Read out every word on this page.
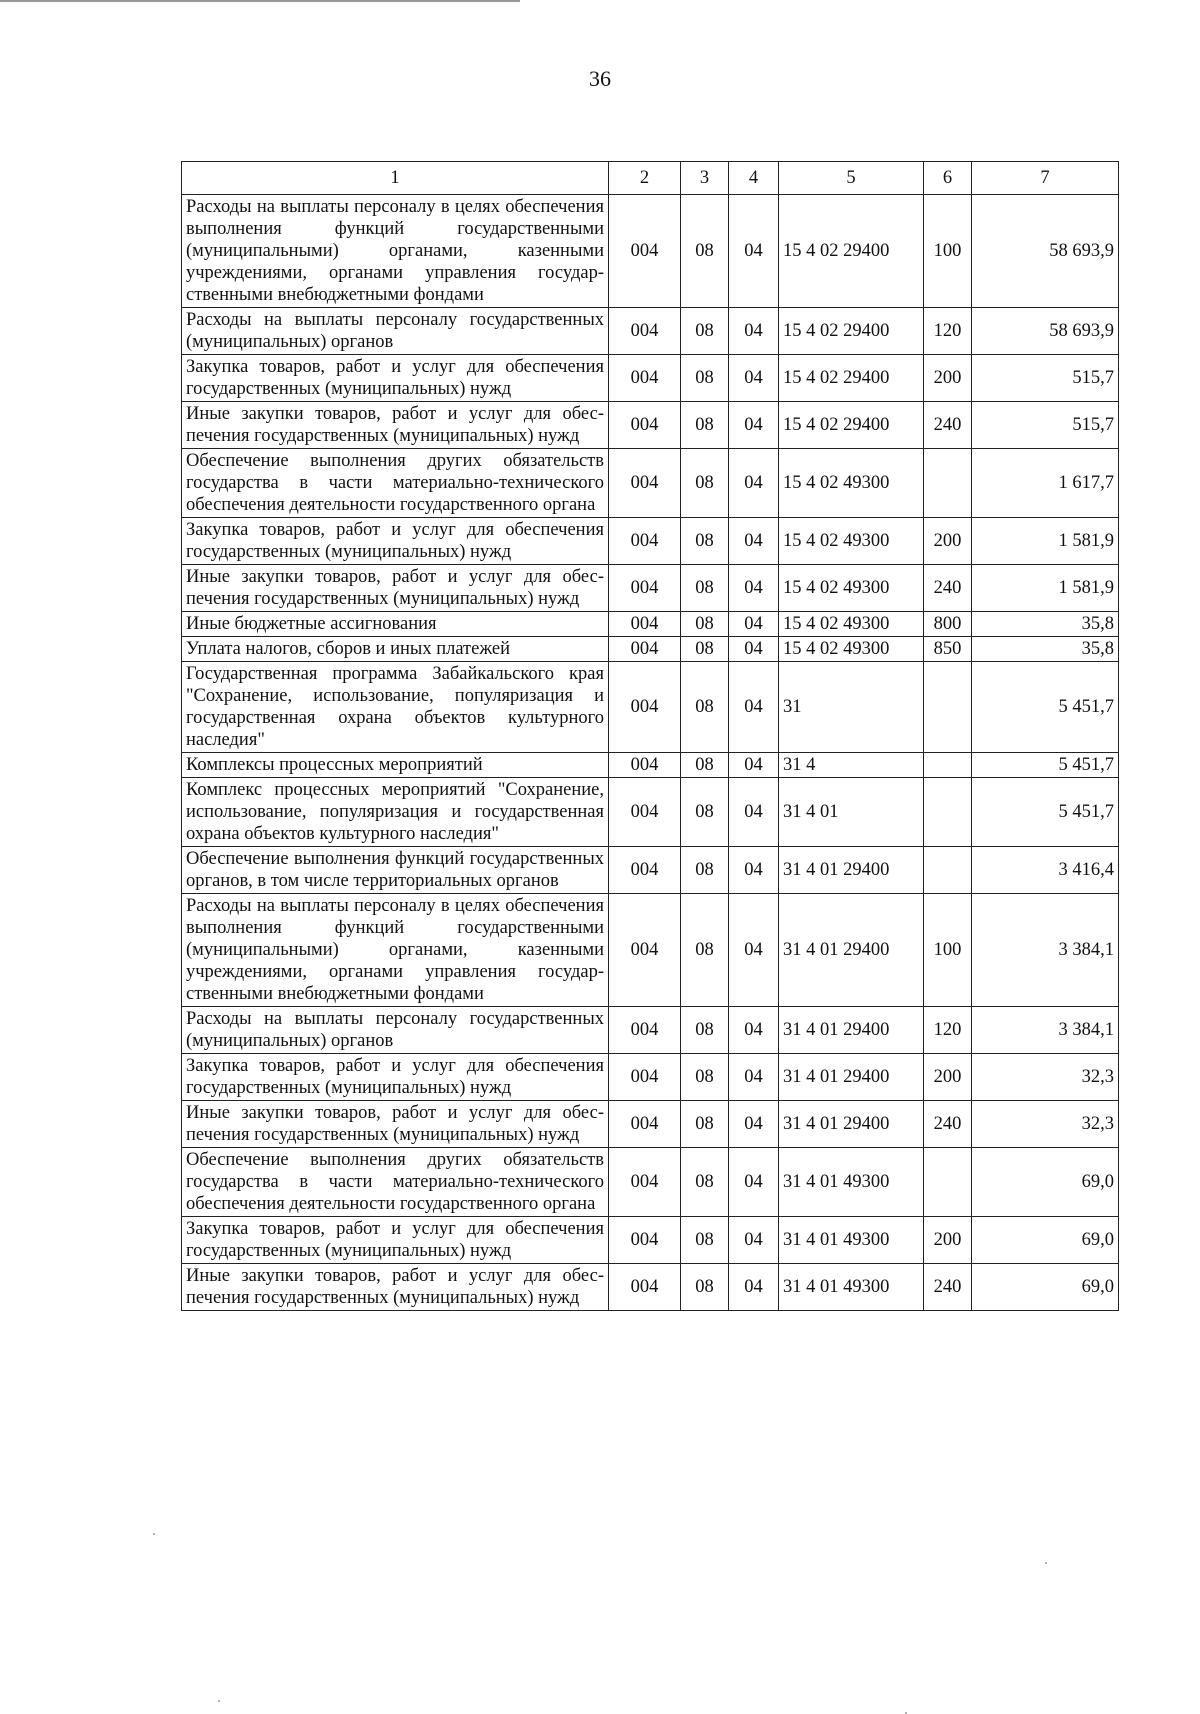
36
1	2	3	4	5	6	7
Расходы на выплаты персоналу в целях обеспечения выполнения функций государственными (муниципальными) органами, казенными учреждениями, органами управления государственными внебюджетными фондами	004	08	04	15 4 02 29400	100	58 693,9
Расходы на выплаты персоналу государственных (муниципальных) органов	004	08	04	15 4 02 29400	120	58 693,9
Закупка товаров, работ и услуг для обеспечения государственных (муниципальных) нужд	004	08	04	15 4 02 29400	200	515,7
Иные закупки товаров, работ и услуг для обеспечения государственных (муниципальных) нужд	004	08	04	15 4 02 29400	240	515,7
Обеспечение выполнения других обязательств государства в части материально-технического обеспечения деятельности государственного органа	004	08	04	15 4 02 49300		1 617,7
Закупка товаров, работ и услуг для обеспечения государственных (муниципальных) нужд	004	08	04	15 4 02 49300	200	1 581,9
Иные закупки товаров, работ и услуг для обеспечения государственных (муниципальных) нужд	004	08	04	15 4 02 49300	240	1 581,9
Иные бюджетные ассигнования	004	08	04	15 4 02 49300	800	35,8
Уплата налогов, сборов и иных платежей	004	08	04	15 4 02 49300	850	35,8
Государственная программа Забайкальского края "Сохранение, использование, популяризация и государственная охрана объектов культурного наследия"	004	08	04	31		5 451,7
Комплексы процессных мероприятий	004	08	04	31 4		5 451,7
Комплекс процессных мероприятий "Сохранение, использование, популяризация и государственная охрана объектов культурного наследия"	004	08	04	31 4 01		5 451,7
Обеспечение выполнения функций государственных органов, в том числе территориальных органов	004	08	04	31 4 01 29400		3 416,4
Расходы на выплаты персоналу в целях обеспечения выполнения функций государственными (муниципальными) органами, казенными учреждениями, органами управления государственными внебюджетными фондами	004	08	04	31 4 01 29400	100	3 384,1
Расходы на выплаты персоналу государственных (муниципальных) органов	004	08	04	31 4 01 29400	120	3 384,1
Закупка товаров, работ и услуг для обеспечения государственных (муниципальных) нужд	004	08	04	31 4 01 29400	200	32,3
Иные закупки товаров, работ и услуг для обеспечения государственных (муниципальных) нужд	004	08	04	31 4 01 29400	240	32,3
Обеспечение выполнения других обязательств государства в части материально-технического обеспечения деятельности государственного органа	004	08	04	31 4 01 49300		69,0
Закупка товаров, работ и услуг для обеспечения государственных (муниципальных) нужд	004	08	04	31 4 01 49300	200	69,0
Иные закупки товаров, работ и услуг для обеспечения государственных (муниципальных) нужд	004	08	04	31 4 01 49300	240	69,0
